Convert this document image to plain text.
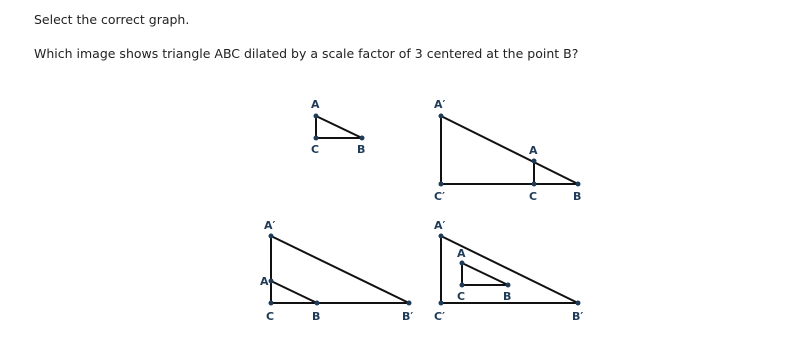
Select the correct graph.
Which image shows triangle ABC dilated by a scale factor of 3 centered at the point B?
A
C	B
A′
C′
A
C	B
A′
A
C	B	B′
A′
A
C	B
C′	B′
